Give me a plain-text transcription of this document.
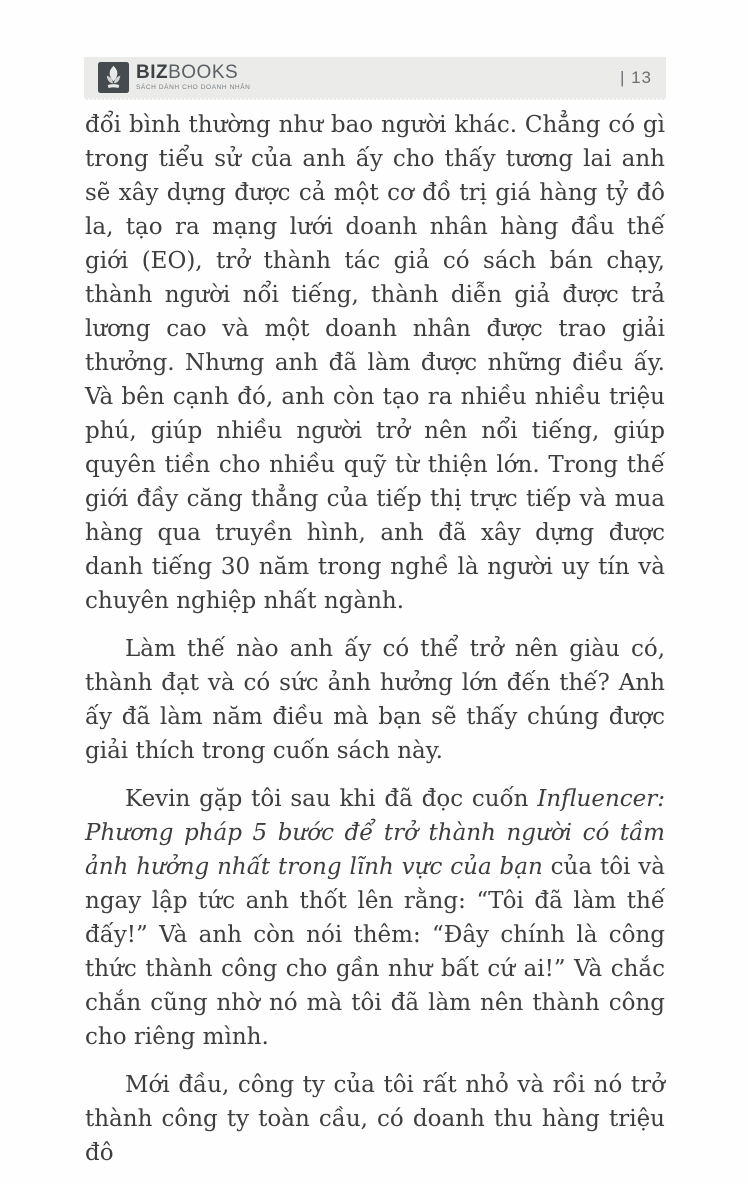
BIZBOOKS
SÁCH DÀNH CHO DOANH NHÂN
| 13

đổi bình thường như bao người khác. Chẳng có gì trong tiểu sử của anh ấy cho thấy tương lai anh sẽ xây dựng được cả một cơ đồ trị giá hàng tỷ đô la, tạo ra mạng lưới doanh nhân hàng đầu thế giới (EO), trở thành tác giả có sách bán chạy, thành người nổi tiếng, thành diễn giả được trả lương cao và một doanh nhân được trao giải thưởng. Nhưng anh đã làm được những điều ấy. Và bên cạnh đó, anh còn tạo ra nhiều nhiều triệu phú, giúp nhiều người trở nên nổi tiếng, giúp quyên tiền cho nhiều quỹ từ thiện lớn. Trong thế giới đầy căng thẳng của tiếp thị trực tiếp và mua hàng qua truyền hình, anh đã xây dựng được danh tiếng 30 năm trong nghề là người uy tín và chuyên nghiệp nhất ngành.

Làm thế nào anh ấy có thể trở nên giàu có, thành đạt và có sức ảnh hưởng lớn đến thế? Anh ấy đã làm năm điều mà bạn sẽ thấy chúng được giải thích trong cuốn sách này.

Kevin gặp tôi sau khi đã đọc cuốn Influencer: Phương pháp 5 bước để trở thành người có tầm ảnh hưởng nhất trong lĩnh vực của bạn của tôi và ngay lập tức anh thốt lên rằng: “Tôi đã làm thế đấy!” Và anh còn nói thêm: “Đây chính là công thức thành công cho gần như bất cứ ai!” Và chắc chắn cũng nhờ nó mà tôi đã làm nên thành công cho riêng mình.

Mới đầu, công ty của tôi rất nhỏ và rồi nó trở thành công ty toàn cầu, có doanh thu hàng triệu đô
